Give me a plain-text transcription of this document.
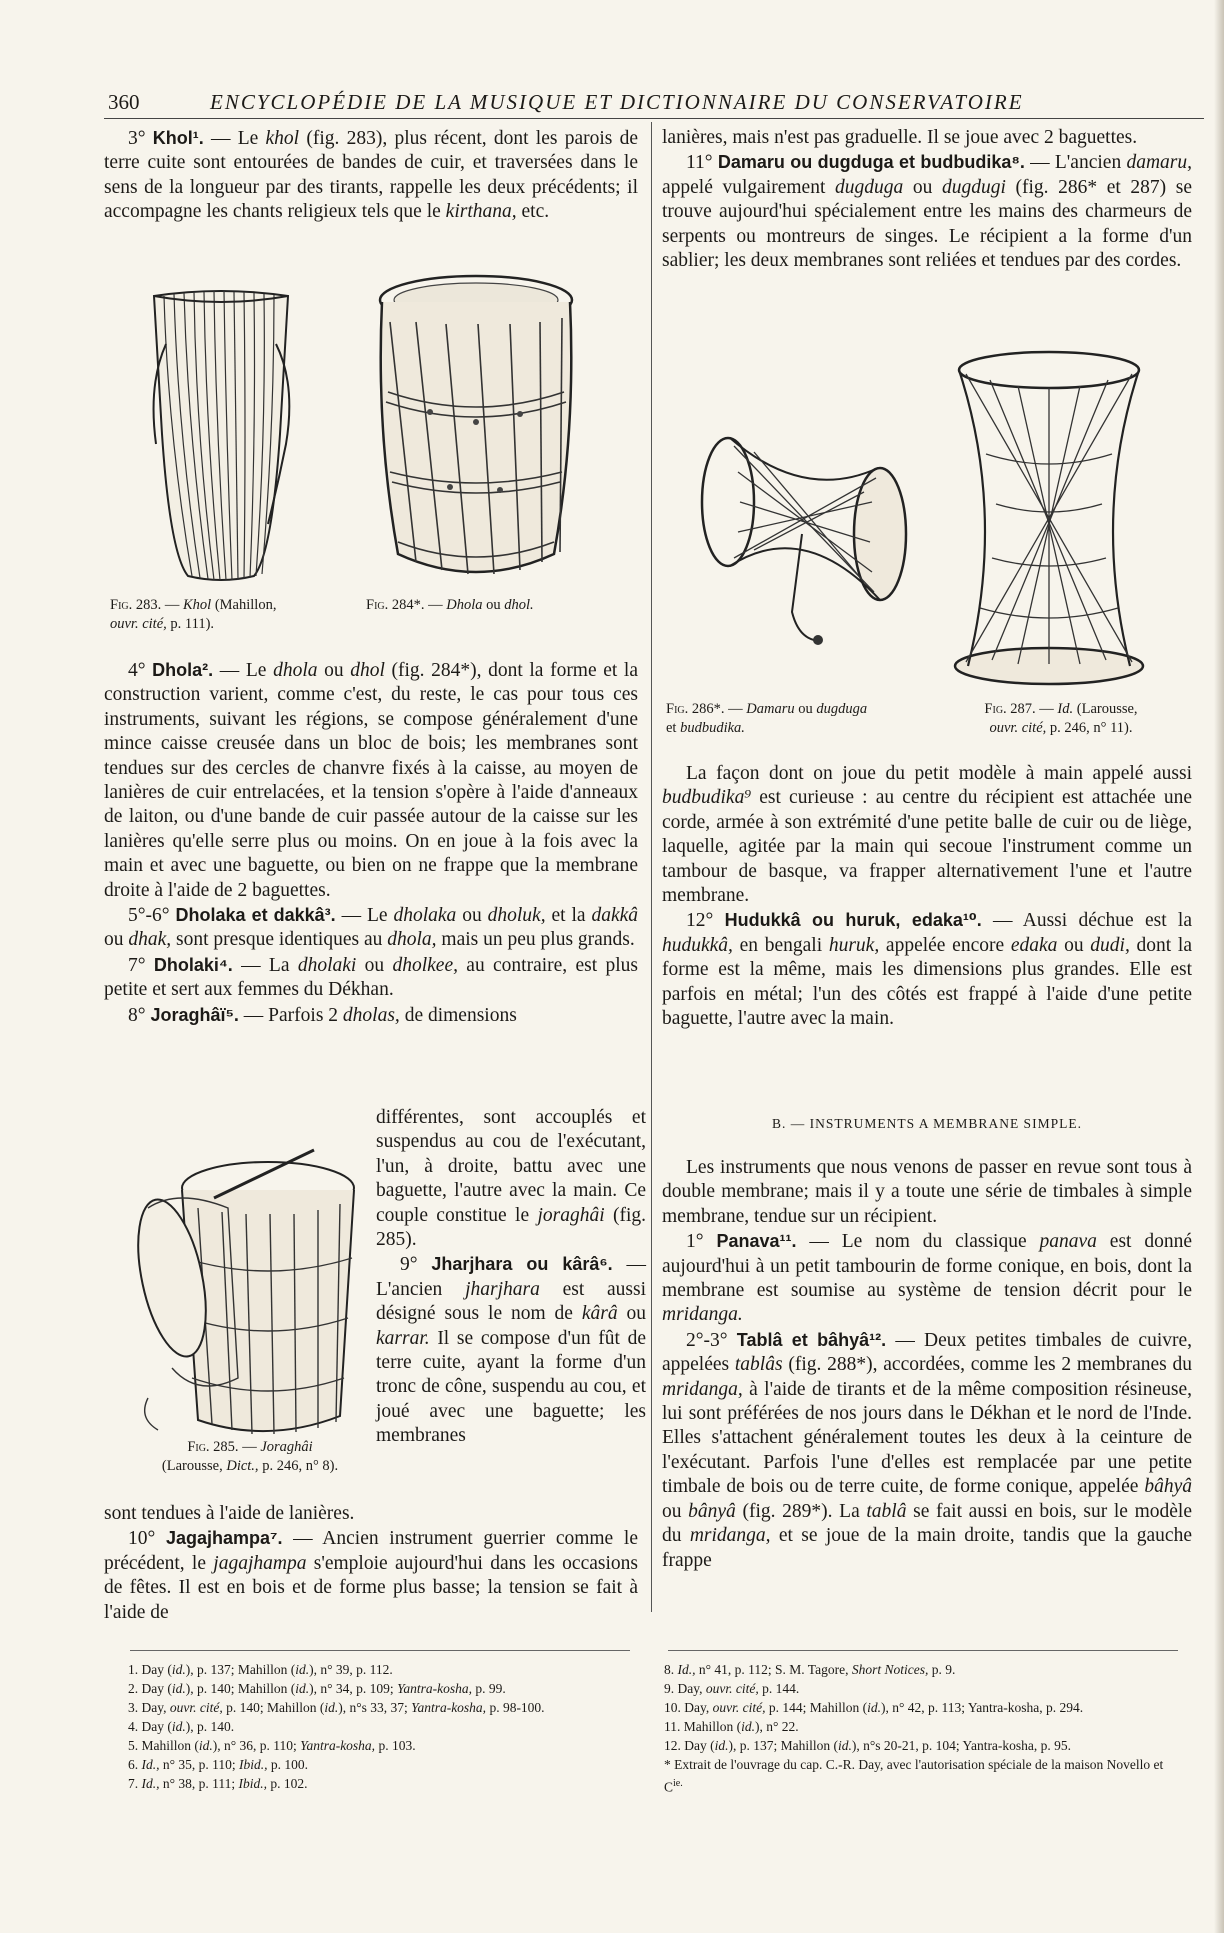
360	ENCYCLOPÉDIE DE LA MUSIQUE ET DICTIONNAIRE DU CONSERVATOIRE

3° Khol¹. — Le khol (fig. 283), plus récent, dont les parois de terre cuite sont entourées de bandes de cuir, et traversées dans le sens de la longueur par des tirants, rappelle les deux précédents; il accompagne les chants religieux tels que le kirthana, etc.

Fig. 283. — Khol (Mahillon,
ouvr. cité, p. 111).
Fig. 284*. — Dhola ou dhol.

4° Dhola². — Le dhola ou dhol (fig. 284*), dont la forme et la construction varient, comme c'est, du reste, le cas pour tous ces instruments, suivant les régions, se compose généralement d'une mince caisse creusée dans un bloc de bois; les membranes sont tendues sur des cercles de chanvre fixés à la caisse, au moyen de lanières de cuir entrelacées, et la tension s'opère à l'aide d'anneaux de laiton, ou d'une bande de cuir passée autour de la caisse sur les lanières qu'elle serre plus ou moins. On en joue à la fois avec la main et avec une baguette, ou bien on ne frappe que la membrane droite à l'aide de 2 baguettes.

5°-6° Dholaka et dakkâ³. — Le dholaka ou dholuk, et la dakkâ ou dhak, sont presque identiques au dhola, mais un peu plus grands.

7° Dholaki⁴. — La dholaki ou dholkee, au contraire, est plus petite et sert aux femmes du Dékhan.

8° Joraghâï⁵. — Parfois 2 dholas, de dimensions

différentes, sont accouplés et suspendus au cou de l'exécutant, l'un, à droite, battu avec une baguette, l'autre avec la main. Ce couple constitue le joraghâi (fig. 285).

9° Jharjhara ou kârâ⁶. — L'ancien jharjhara est aussi désigné sous le nom de kârâ ou karrar. Il se compose d'un fût de terre cuite, ayant la forme d'un tronc de cône, suspendu au cou, et joué avec une baguette; les membranes

Fig. 285. — Joraghâi
(Larousse, Dict., p. 246, n° 8).

sont tendues à l'aide de lanières.

10° Jagajhampa⁷. — Ancien instrument guerrier comme le précédent, le jagajhampa s'emploie aujourd'hui dans les occasions de fêtes. Il est en bois et de forme plus basse; la tension se fait à l'aide de

1. Day (id.), p. 137; Mahillon (id.), n° 39, p. 112.
2. Day (id.), p. 140; Mahillon (id.), n° 34, p. 109; Yantra-kosha, p. 99.
3. Day, ouvr. cité, p. 140; Mahillon (id.), n°s 33, 37; Yantra-kosha, p. 98-100.
4. Day (id.), p. 140.
5. Mahillon (id.), n° 36, p. 110; Yantra-kosha, p. 103.
6. Id., n° 35, p. 110; Ibid., p. 100.
7. Id., n° 38, p. 111; Ibid., p. 102.

lanières, mais n'est pas graduelle. Il se joue avec 2 baguettes.

11° Damaru ou dugduga et budbudika⁸. — L'ancien damaru, appelé vulgairement dugduga ou dugdugi (fig. 286* et 287) se trouve aujourd'hui spécialement entre les mains des charmeurs de serpents ou montreurs de singes. Le récipient a la forme d'un sablier; les deux membranes sont reliées et tendues par des cordes.

Fig. 286*. — Damaru ou dugduga
et budbudika.
Fig. 287. — Id. (Larousse,
ouvr. cité, p. 246, n° 11).

La façon dont on joue du petit modèle à main appelé aussi budbudika⁹ est curieuse : au centre du récipient est attachée une corde, armée à son extrémité d'une petite balle de cuir ou de liège, laquelle, agitée par la main qui secoue l'instrument comme un tambour de basque, va frapper alternativement l'une et l'autre membrane.

12° Hudukkâ ou huruk, edaka¹⁰. — Aussi déchue est la hudukkâ, en bengali huruk, appelée encore edaka ou dudi, dont la forme est la même, mais les dimensions plus grandes. Elle est parfois en métal; l'un des côtés est frappé à l'aide d'une petite baguette, l'autre avec la main.

B. — INSTRUMENTS A MEMBRANE SIMPLE.

Les instruments que nous venons de passer en revue sont tous à double membrane; mais il y a toute une série de timbales à simple membrane, tendue sur un récipient.

1° Panava¹¹. — Le nom du classique panava est donné aujourd'hui à un petit tambourin de forme conique, en bois, dont la membrane est soumise au système de tension décrit pour le mridanga.

2°-3° Tablâ et bâhyâ¹². — Deux petites timbales de cuivre, appelées tablâs (fig. 288*), accordées, comme les 2 membranes du mridanga, à l'aide de tirants et de la même composition résineuse, lui sont préférées de nos jours dans le Dékhan et le nord de l'Inde. Elles s'attachent généralement toutes les deux à la ceinture de l'exécutant. Parfois l'une d'elles est remplacée par une petite timbale de bois ou de terre cuite, de forme conique, appelée bâhyâ ou bânyâ (fig. 289*). La tablâ se fait aussi en bois, sur le modèle du mridanga, et se joue de la main droite, tandis que la gauche frappe

8. Id., n° 41, p. 112; S. M. Tagore, Short Notices, p. 9.
9. Day, ouvr. cité, p. 144.
10. Day, ouvr. cité, p. 144; Mahillon (id.), n° 42, p. 113; Yantra-kosha, p. 294.
11. Mahillon (id.), n° 22.
12. Day (id.), p. 137; Mahillon (id.), n°s 20-21, p. 104; Yantra-kosha, p. 95.
* Extrait de l'ouvrage du cap. C.-R. Day, avec l'autorisation spéciale de la maison Novello et $C^{ie.}$
